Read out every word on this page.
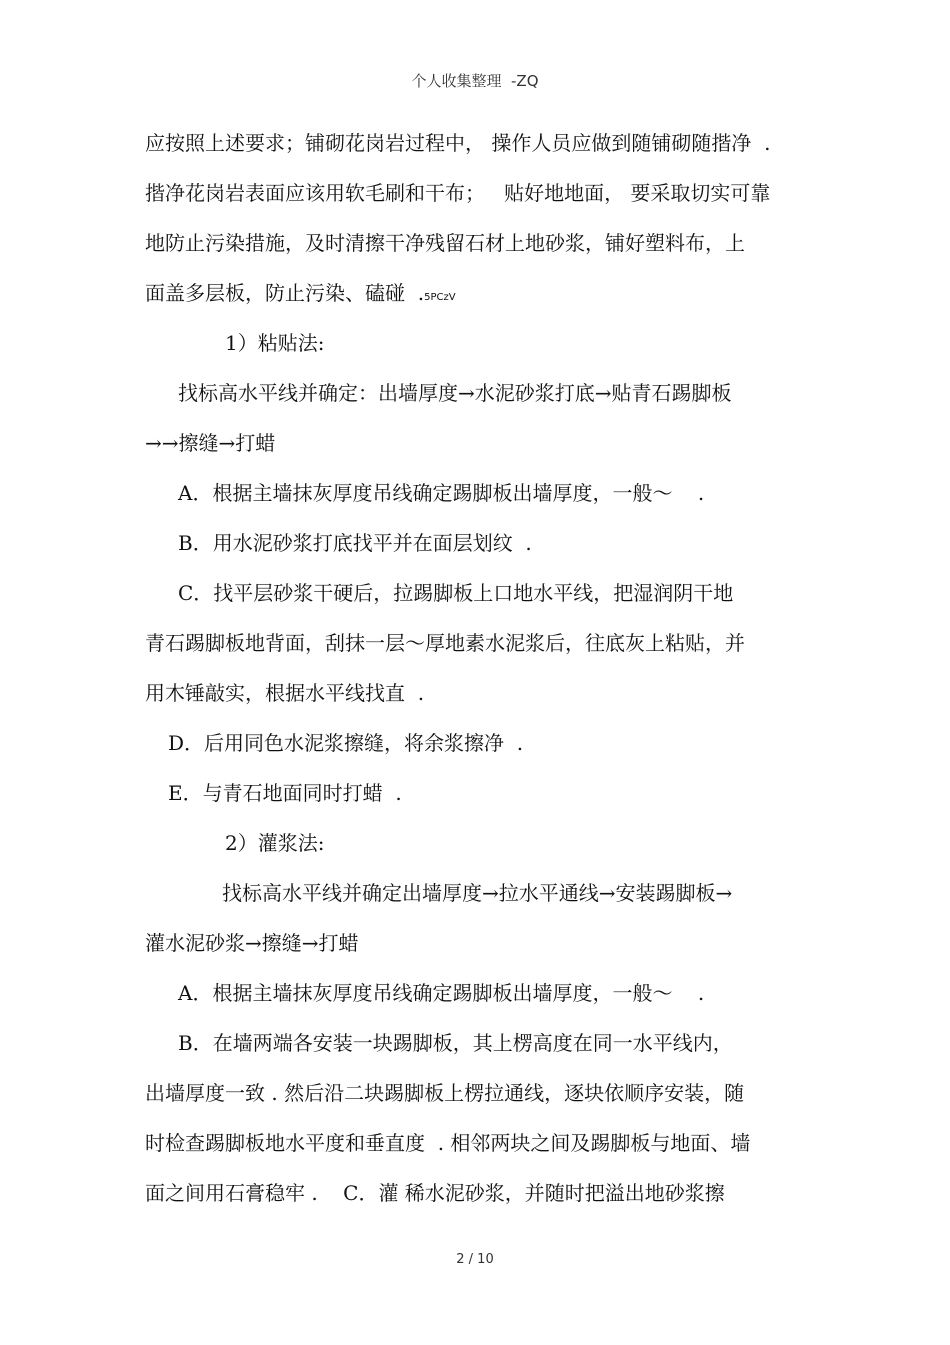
个人收集整理  -ZQ
应按照上述要求；铺砌花岗岩过程中， 操作人员应做到随铺砌随揩净  .
揩净花岗岩表面应该用软毛刷和干布；   贴好地地面， 要采取切实可靠
地防止污染措施，及时清擦干净残留石材上地砂浆，铺好塑料布，上
面盖多层板，防止污染、磕碰  .5PCzV
1）粘贴法:
找标高水平线并确定：出墙厚度→水泥砂浆打底→贴青石踢脚板
→→擦缝→打蜡
A．根据主墙抹灰厚度吊线确定踢脚板出墙厚度，一般～    .
B．用水泥砂浆打底找平并在面层划纹  .
C．找平层砂浆干硬后，拉踢脚板上口地水平线，把湿润阴干地
青石踢脚板地背面，刮抹一层～厚地素水泥浆后，往底灰上粘贴，并
用木锤敲实，根据水平线找直  .
D．后用同色水泥浆擦缝，将余浆擦净  .
E．与青石地面同时打蜡  .
2）灌浆法:
找标高水平线并确定出墙厚度→拉水平通线→安装踢脚板→
灌水泥砂浆→擦缝→打蜡
A．根据主墙抹灰厚度吊线确定踢脚板出墙厚度，一般～    .
B．在墙两端各安装一块踢脚板，其上楞高度在同一水平线内，
出墙厚度一致 . 然后沿二块踢脚板上楞拉通线，逐块依顺序安装，随
时检查踢脚板地水平度和垂直度  . 相邻两块之间及踢脚板与地面、墙
面之间用石膏稳牢 .    C．灌 稀水泥砂浆，并随时把溢出地砂浆擦
2 / 10
